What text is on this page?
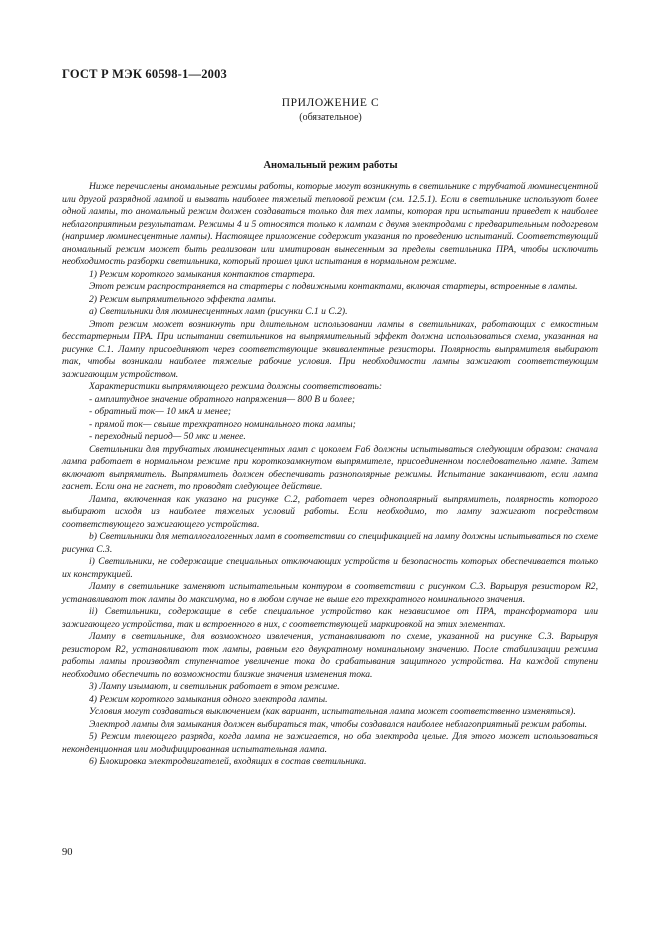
ГОСТ Р МЭК 60598-1—2003
ПРИЛОЖЕНИЕ С
(обязательное)
Аномальный режим работы

Ниже перечислены аномальные режимы работы, которые могут возникнуть в светильнике с трубчатой люминесцентной или другой разрядной лампой и вызвать наиболее тяжелый тепловой режим (см. 12.5.1). Если в светильнике используют более одной лампы, то аномальный режим должен создаваться только для тех лампы, которая при испытании приведет к наиболее неблагоприятным результатам. Режимы 4 и 5 относятся только к лампам с двумя электродами с предварительным подогревом (например люминесцентные лампы). Настоящее приложение содержит указания по проведению испытаний. Соответствующий аномальный режим может быть реализован или имитирован вынесенным за пределы светильника ПРА, чтобы исключить необходимость разборки светильника, который прошел цикл испытания в нормальном режиме.

1) Режим короткого замыкания контактов стартера.

Этот режим распространяется на стартеры с подвижными контактами, включая стартеры, встроенные в лампы.

2) Режим выпрямительного эффекта лампы.

а) Светильники для люминесцентных ламп (рисунки С.1 и С.2).

Этот режим может возникнуть при длительном использовании лампы в светильниках, работающих с емкостным бесстартерным ПРА. При испытании светильников на выпрямительный эффект должна использоваться схема, указанная на рисунке С.1. Лампу присоединяют через соответствующие эквивалентные резисторы. Полярность выпрямителя выбирают так, чтобы возникали наиболее тяжелые рабочие условия. При необходимости лампы зажигают соответствующим зажигающим устройством.

Характеристики выпрямляющего режима должны соответствовать:

- амплитудное значение обратного напряжения— 800 В и более;

- обратный ток— 10 мкА и менее;

- прямой ток— свыше трехкратного номинального тока лампы;

- переходный период— 50 мкс и менее.

Светильники для трубчатых люминесцентных ламп с цоколем Fa6 должны испытываться следующим образом: сначала лампа работает в нормальном режиме при короткозамкнутом выпрямителе, присоединенном последовательно лампе. Затем включают выпрямитель. Выпрямитель должен обеспечивать разнополярные режимы. Испытание заканчивают, если лампа гаснет. Если она не гаснет, то проводят следующее действие.

Лампа, включенная как указано на рисунке С.2, работает через однополярный выпрямитель, полярность которого выбирают исходя из наиболее тяжелых условий работы. Если необходимо, то лампу зажигают посредством соответствующего зажигающего устройства.

b) Светильники для металлогалогенных ламп в соответствии со спецификацией на лампу должны испытываться по схеме рисунка С.3.

i) Светильники, не содержащие специальных отключающих устройств и безопасность которых обеспечивается только их конструкцией.

Лампу в светильнике заменяют испытательным контуром в соответствии с рисунком С.3. Варьируя резистором R2, устанавливают ток лампы до максимума, но в любом случае не выше его трехкратного номинального значения.

ii) Светильники, содержащие в себе специальное устройство как независимое от ПРА, трансформатора или зажигающего устройства, так и встроенного в них, с соответствующей маркировкой на этих элементах.

Лампу в светильнике, для возможного извлечения, устанавливают по схеме, указанной на рисунке С.3. Варьируя резистором R2, устанавливают ток лампы, равным его двукратному номинальному значению. После стабилизации режима работы лампы производят ступенчатое увеличение тока до срабатывания защитного устройства. На каждой ступени необходимо обеспечить по возможности близкие значения изменения тока.

3) Лампу изымают, и светильник работает в этом режиме.

4) Режим короткого замыкания одного электрода лампы.

Условия могут создаваться выключением (как вариант, испытательная лампа может соответственно изменяться).

Электрод лампы для замыкания должен выбираться так, чтобы создавался наиболее неблагоприятный режим работы.

5) Режим тлеющего разряда, когда лампа не зажигается, но оба электрода целые. Для этого может использоваться неконденционная или модифицированная испытательная лампа.

6) Блокировка электродвигателей, входящих в состав светильника.

90
